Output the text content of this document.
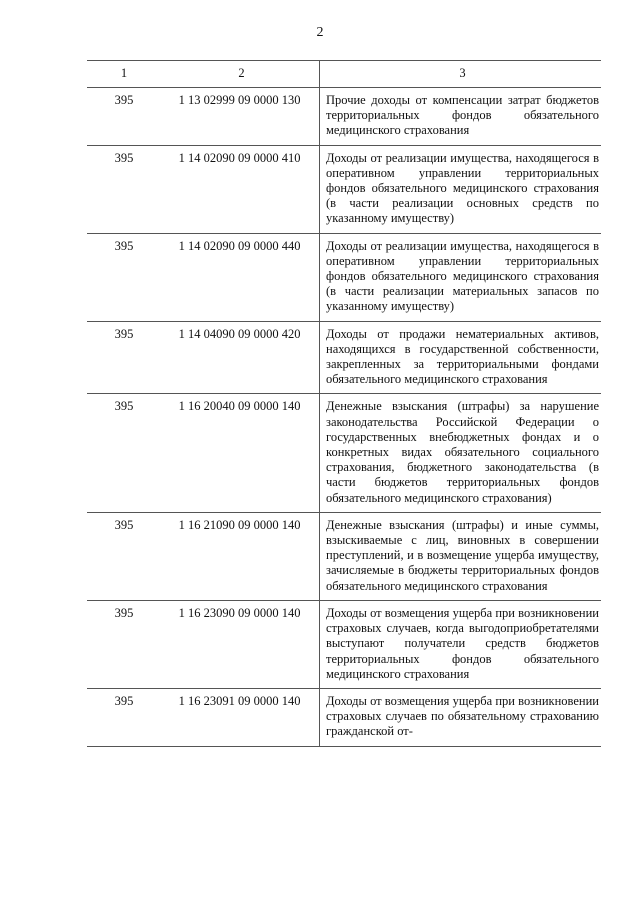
2
1	2	3
395	1 13 02999 09 0000 130	Прочие доходы от компенсации затрат бюджетов территориальных фондов обязательного медицинского страхования
395	1 14 02090 09 0000 410	Доходы от реализации имущества, находящегося в оперативном управлении территориальных фондов обязательного медицинского страхования (в части реализации основных средств по указанному имуществу)
395	1 14 02090 09 0000 440	Доходы от реализации имущества, находящегося в оперативном управлении территориальных фондов обязательного медицинского страхования (в части реализации материальных запасов по указанному имуществу)
395	1 14 04090 09 0000 420	Доходы от продажи нематериальных активов, находящихся в государственной собственности, закрепленных за территориальными фондами обязательного медицинского страхования
395	1 16 20040 09 0000 140	Денежные взыскания (штрафы) за нарушение законодательства Российской Федерации о государственных внебюджетных фондах и о конкретных видах обязательного социального страхования, бюджетного законодательства (в части бюджетов территориальных фондов обязательного медицинского страхования)
395	1 16 21090 09 0000 140	Денежные взыскания (штрафы) и иные суммы, взыскиваемые с лиц, виновных в совершении преступлений, и в возмещение ущерба имуществу, зачисляемые в бюджеты территориальных фондов обязательного медицинского страхования
395	1 16 23090 09 0000 140	Доходы от возмещения ущерба при возникновении страховых случаев, когда выгодоприобретателями выступают получатели средств бюджетов территориальных фондов обязательного медицинского страхования
395	1 16 23091 09 0000 140	Доходы от возмещения ущерба при возникновении страховых случаев по обязательному страхованию гражданской от-
